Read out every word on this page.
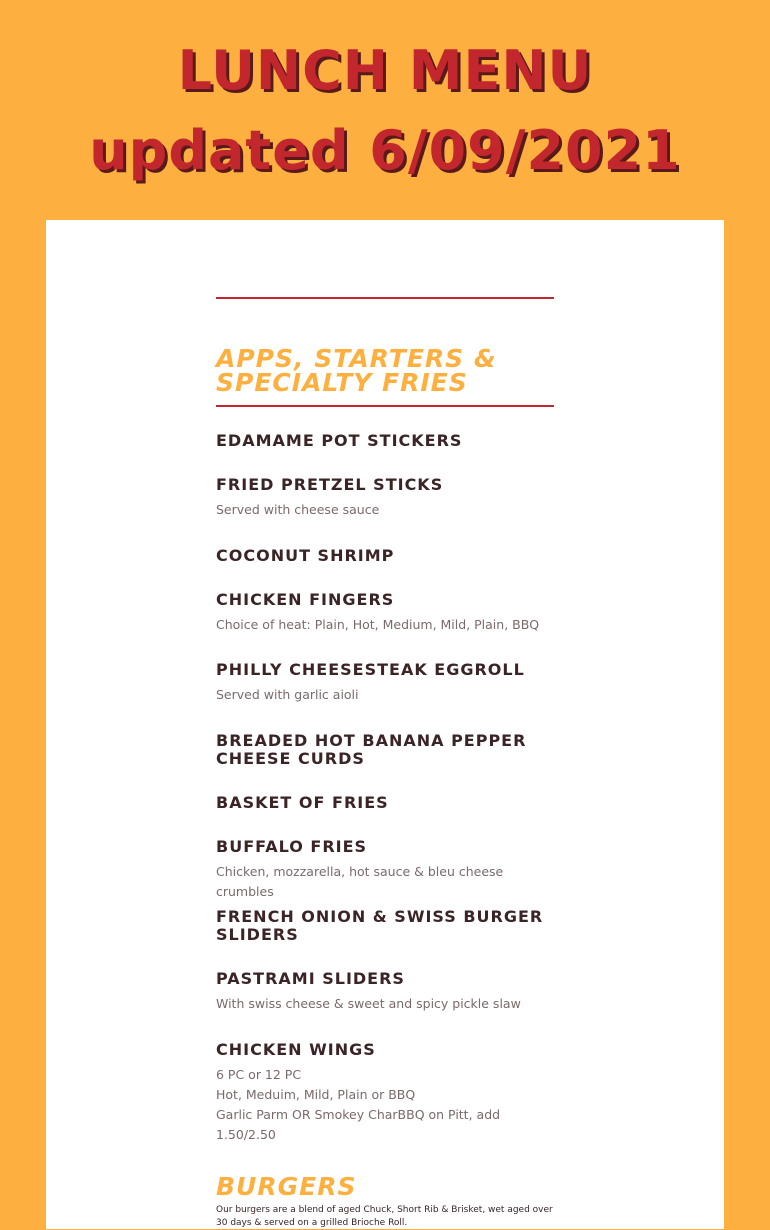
LUNCH MENU
updated 6/09/2021
APPS, STARTERS & SPECIALTY FRIES
EDAMAME POT STICKERS
FRIED PRETZEL STICKS
Served with cheese sauce
COCONUT SHRIMP
CHICKEN FINGERS
Choice of heat: Plain, Hot, Medium, Mild, Plain, BBQ
PHILLY CHEESESTEAK EGGROLL
Served with garlic aioli
BREADED HOT BANANA PEPPER CHEESE CURDS
BASKET OF FRIES
BUFFALO FRIES
Chicken, mozzarella, hot sauce & bleu cheese crumbles
FRENCH ONION & SWISS BURGER SLIDERS
PASTRAMI SLIDERS
With swiss cheese & sweet and spicy pickle slaw
CHICKEN WINGS
6 PC or 12 PC
Hot, Meduim, Mild, Plain or BBQ
Garlic Parm OR Smokey CharBBQ on Pitt, add 1.50/2.50
BURGERS
Our burgers are a blend of aged Chuck, Short Rib & Brisket, wet aged over 30 days & served on a grilled Brioche Roll.
